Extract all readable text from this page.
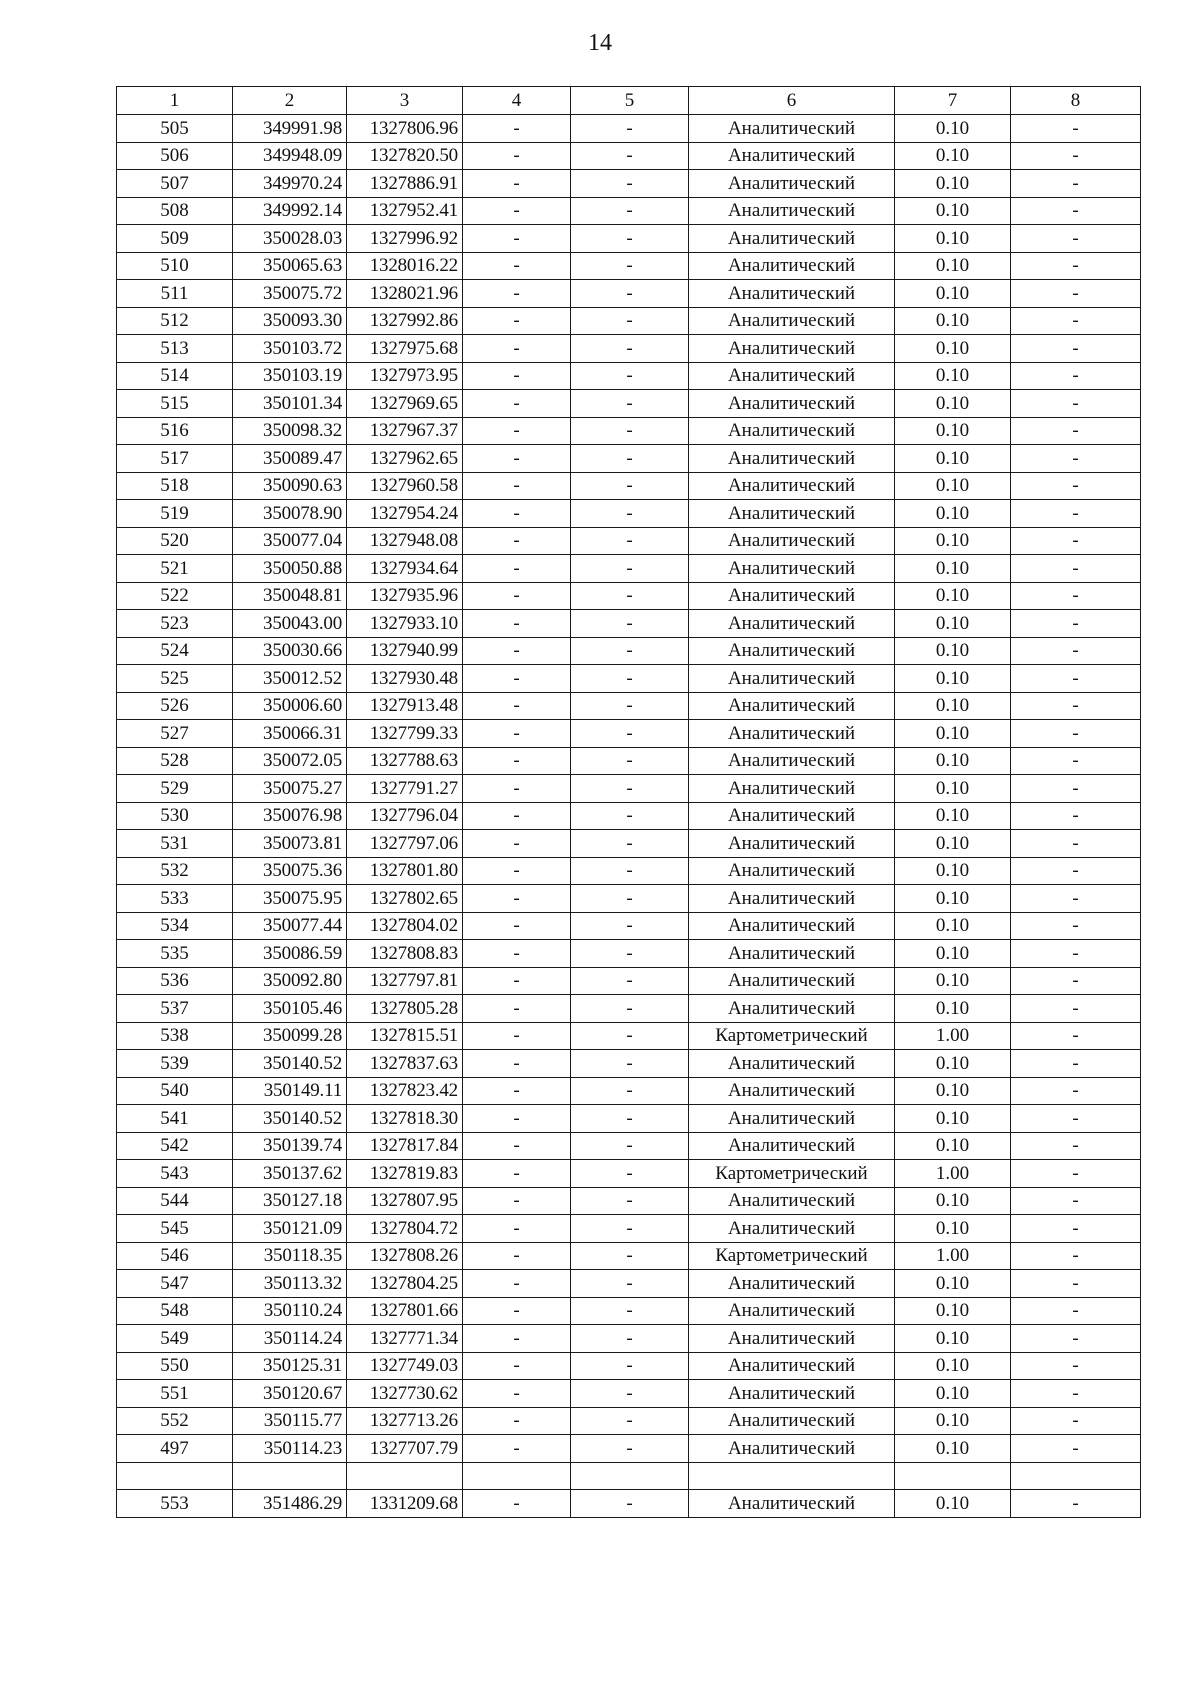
14
1	2	3	4	5	6	7	8
505	349991.98	1327806.96	-	-	Аналитический	0.10	-
506	349948.09	1327820.50	-	-	Аналитический	0.10	-
507	349970.24	1327886.91	-	-	Аналитический	0.10	-
508	349992.14	1327952.41	-	-	Аналитический	0.10	-
509	350028.03	1327996.92	-	-	Аналитический	0.10	-
510	350065.63	1328016.22	-	-	Аналитический	0.10	-
511	350075.72	1328021.96	-	-	Аналитический	0.10	-
512	350093.30	1327992.86	-	-	Аналитический	0.10	-
513	350103.72	1327975.68	-	-	Аналитический	0.10	-
514	350103.19	1327973.95	-	-	Аналитический	0.10	-
515	350101.34	1327969.65	-	-	Аналитический	0.10	-
516	350098.32	1327967.37	-	-	Аналитический	0.10	-
517	350089.47	1327962.65	-	-	Аналитический	0.10	-
518	350090.63	1327960.58	-	-	Аналитический	0.10	-
519	350078.90	1327954.24	-	-	Аналитический	0.10	-
520	350077.04	1327948.08	-	-	Аналитический	0.10	-
521	350050.88	1327934.64	-	-	Аналитический	0.10	-
522	350048.81	1327935.96	-	-	Аналитический	0.10	-
523	350043.00	1327933.10	-	-	Аналитический	0.10	-
524	350030.66	1327940.99	-	-	Аналитический	0.10	-
525	350012.52	1327930.48	-	-	Аналитический	0.10	-
526	350006.60	1327913.48	-	-	Аналитический	0.10	-
527	350066.31	1327799.33	-	-	Аналитический	0.10	-
528	350072.05	1327788.63	-	-	Аналитический	0.10	-
529	350075.27	1327791.27	-	-	Аналитический	0.10	-
530	350076.98	1327796.04	-	-	Аналитический	0.10	-
531	350073.81	1327797.06	-	-	Аналитический	0.10	-
532	350075.36	1327801.80	-	-	Аналитический	0.10	-
533	350075.95	1327802.65	-	-	Аналитический	0.10	-
534	350077.44	1327804.02	-	-	Аналитический	0.10	-
535	350086.59	1327808.83	-	-	Аналитический	0.10	-
536	350092.80	1327797.81	-	-	Аналитический	0.10	-
537	350105.46	1327805.28	-	-	Аналитический	0.10	-
538	350099.28	1327815.51	-	-	Картометрический	1.00	-
539	350140.52	1327837.63	-	-	Аналитический	0.10	-
540	350149.11	1327823.42	-	-	Аналитический	0.10	-
541	350140.52	1327818.30	-	-	Аналитический	0.10	-
542	350139.74	1327817.84	-	-	Аналитический	0.10	-
543	350137.62	1327819.83	-	-	Картометрический	1.00	-
544	350127.18	1327807.95	-	-	Аналитический	0.10	-
545	350121.09	1327804.72	-	-	Аналитический	0.10	-
546	350118.35	1327808.26	-	-	Картометрический	1.00	-
547	350113.32	1327804.25	-	-	Аналитический	0.10	-
548	350110.24	1327801.66	-	-	Аналитический	0.10	-
549	350114.24	1327771.34	-	-	Аналитический	0.10	-
550	350125.31	1327749.03	-	-	Аналитический	0.10	-
551	350120.67	1327730.62	-	-	Аналитический	0.10	-
552	350115.77	1327713.26	-	-	Аналитический	0.10	-
497	350114.23	1327707.79	-	-	Аналитический	0.10	-

553	351486.29	1331209.68	-	-	Аналитический	0.10	-
